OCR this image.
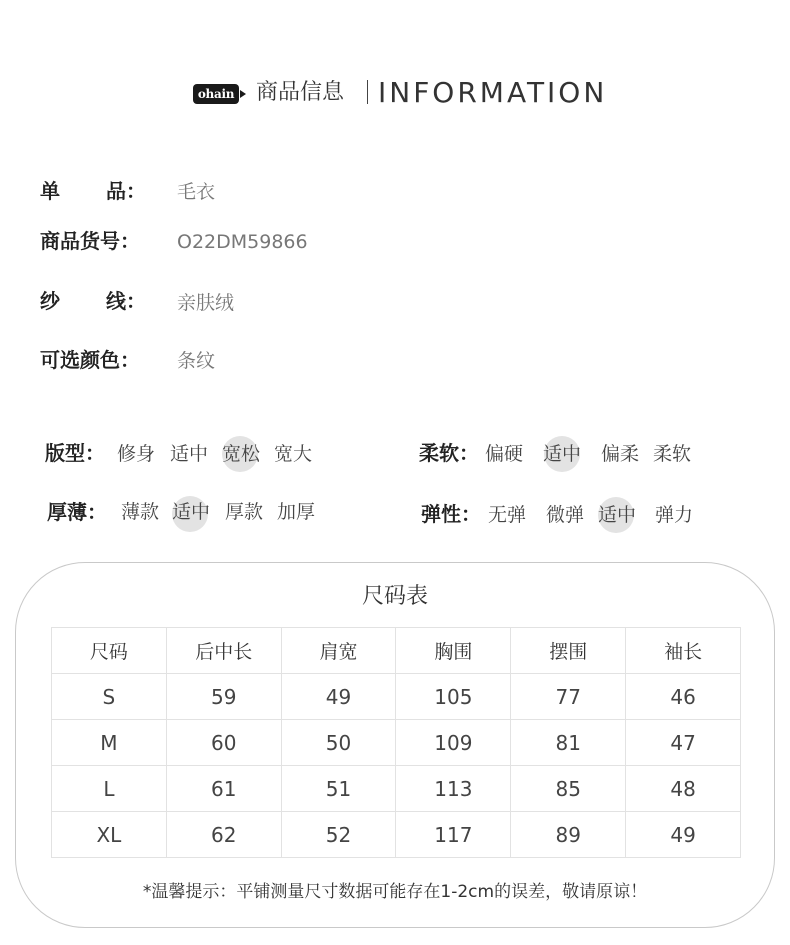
ohain 商品信息 INFORMATION
单 品： 毛衣
商品货号： O22DM59866
纱 线： 亲肤绒
可选颜色： 条纹
版型： 修身 适中 宽松 宽大	柔软： 偏硬 适中 偏柔 柔软
厚薄： 薄款 适中 厚款 加厚	弹性： 无弹 微弹 适中 弹力
尺码表
尺码	后中长	肩宽	胸围	摆围	袖长
S	59	49	105	77	46
M	60	50	109	81	47
L	61	51	113	85	48
XL	62	52	117	89	49
*温馨提示：平铺测量尺寸数据可能存在1-2cm的误差，敬请原谅！
